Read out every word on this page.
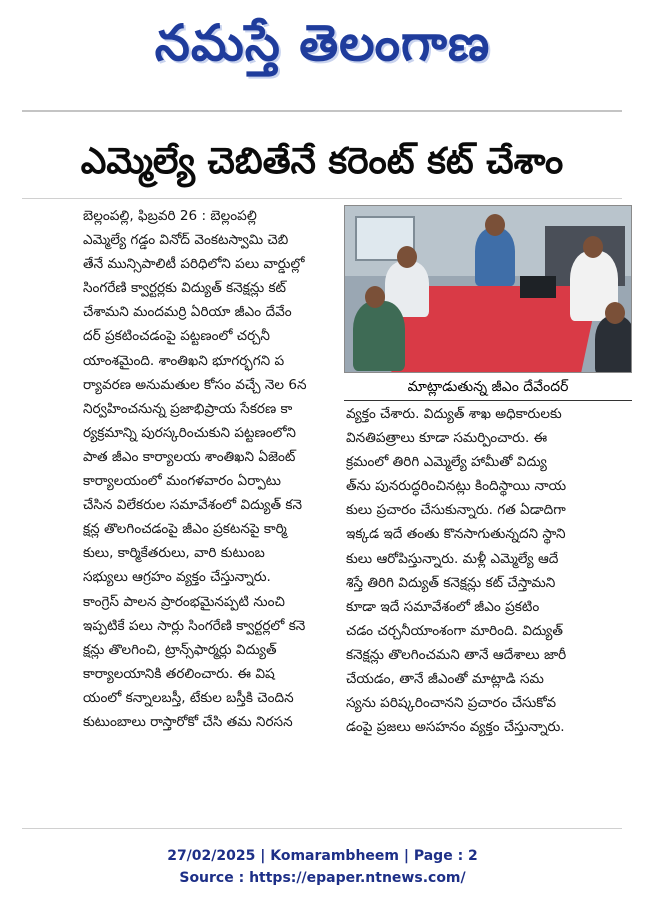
నమస్తే తెలంగాణ
ఎమ్మెల్యే చెబితేనే కరెంట్ కట్ చేశాం

బెల్లంపల్లి, ఫిబ్రవరి 26 : బెల్లంపల్లి

ఎమ్మెల్యే గడ్డం వినోద్ వెంకటస్వామి చెబి

తేనే మున్సిపాలిటీ పరిధిలోని పలు వార్డుల్లో

సింగరేణి క్వార్టర్లకు విద్యుత్ కనెక్షన్లు కట్

చేశామని మందమర్రి ఏరియా జీఎం దేవేం

దర్ ప్రకటించడంపై పట్టణంలో చర్చనీ

యాంశమైంది. శాంతిఖని భూగర్భగని ప

ర్యావరణ అనుమతుల కోసం వచ్చే నెల 6న

నిర్వహించనున్న ప్రజాభిప్రాయ సేకరణ కా

ర్యక్రమాన్ని పురస్కరించుకుని పట్టణంలోని

పాత జీఎం కార్యాలయ శాంతిఖని ఏజెంట్

కార్యాలయంలో మంగళవారం ఏర్పాటు

చేసిన విలేకరుల సమావేశంలో విద్యుత్ కనె

క్షన్ల తొలగించడంపై జీఎం ప్రకటనపై కార్మి

కులు, కార్మికేతరులు, వారి కుటుంబ

సభ్యులు ఆగ్రహం వ్యక్తం చేస్తున్నారు.

కాంగ్రెస్ పాలన ప్రారంభమైనప్పటి నుంచి

ఇప్పటికే పలు సార్లు సింగరేణి క్వార్టర్లలో కనె

క్షన్లు తొలగించి, ట్రాన్స్‌ఫార్మర్లు విద్యుత్

కార్యాలయానికి తరలించారు. ఈ విష

యంలో కన్నాలబస్తీ, టేకుల బస్తీకి చెందిన

కుటుంబాలు రాస్తారోకో చేసి తమ నిరసన

మాట్లాడుతున్న జీఎం దేవేందర్

వ్యక్తం చేశారు. విద్యుత్ శాఖ అధికారులకు

వినతిపత్రాలు కూడా సమర్పించారు. ఈ

క్రమంలో తిరిగి ఎమ్మెల్యే హామీతో విద్యు

త్‌ను పునరుద్ధరించినట్లు కిందిస్థాయి నాయ

కులు ప్రచారం చేసుకున్నారు. గత ఏడాదిగా

ఇక్కడ ఇదే తంతు కొనసాగుతున్నదని స్థాని

కులు ఆరోపిస్తున్నారు. మళ్లీ ఎమ్మెల్యే ఆదే

శిస్తే తిరిగి విద్యుత్ కనెక్షన్లు కట్ చేస్తామని

కూడా ఇదే సమావేశంలో జీఎం ప్రకటిం

చడం చర్చనీయాంశంగా మారింది. విద్యుత్

కనెక్షన్లు తొలగించమని తానే ఆదేశాలు జారీ

చేయడం, తానే జీఎంతో మాట్లాడి సమ

స్యను పరిష్కరించానని ప్రచారం చేసుకోవ

డంపై ప్రజలు అసహనం వ్యక్తం చేస్తున్నారు.

27/02/2025 | Komarambheem | Page : 2
Source : https://epaper.ntnews.com/
